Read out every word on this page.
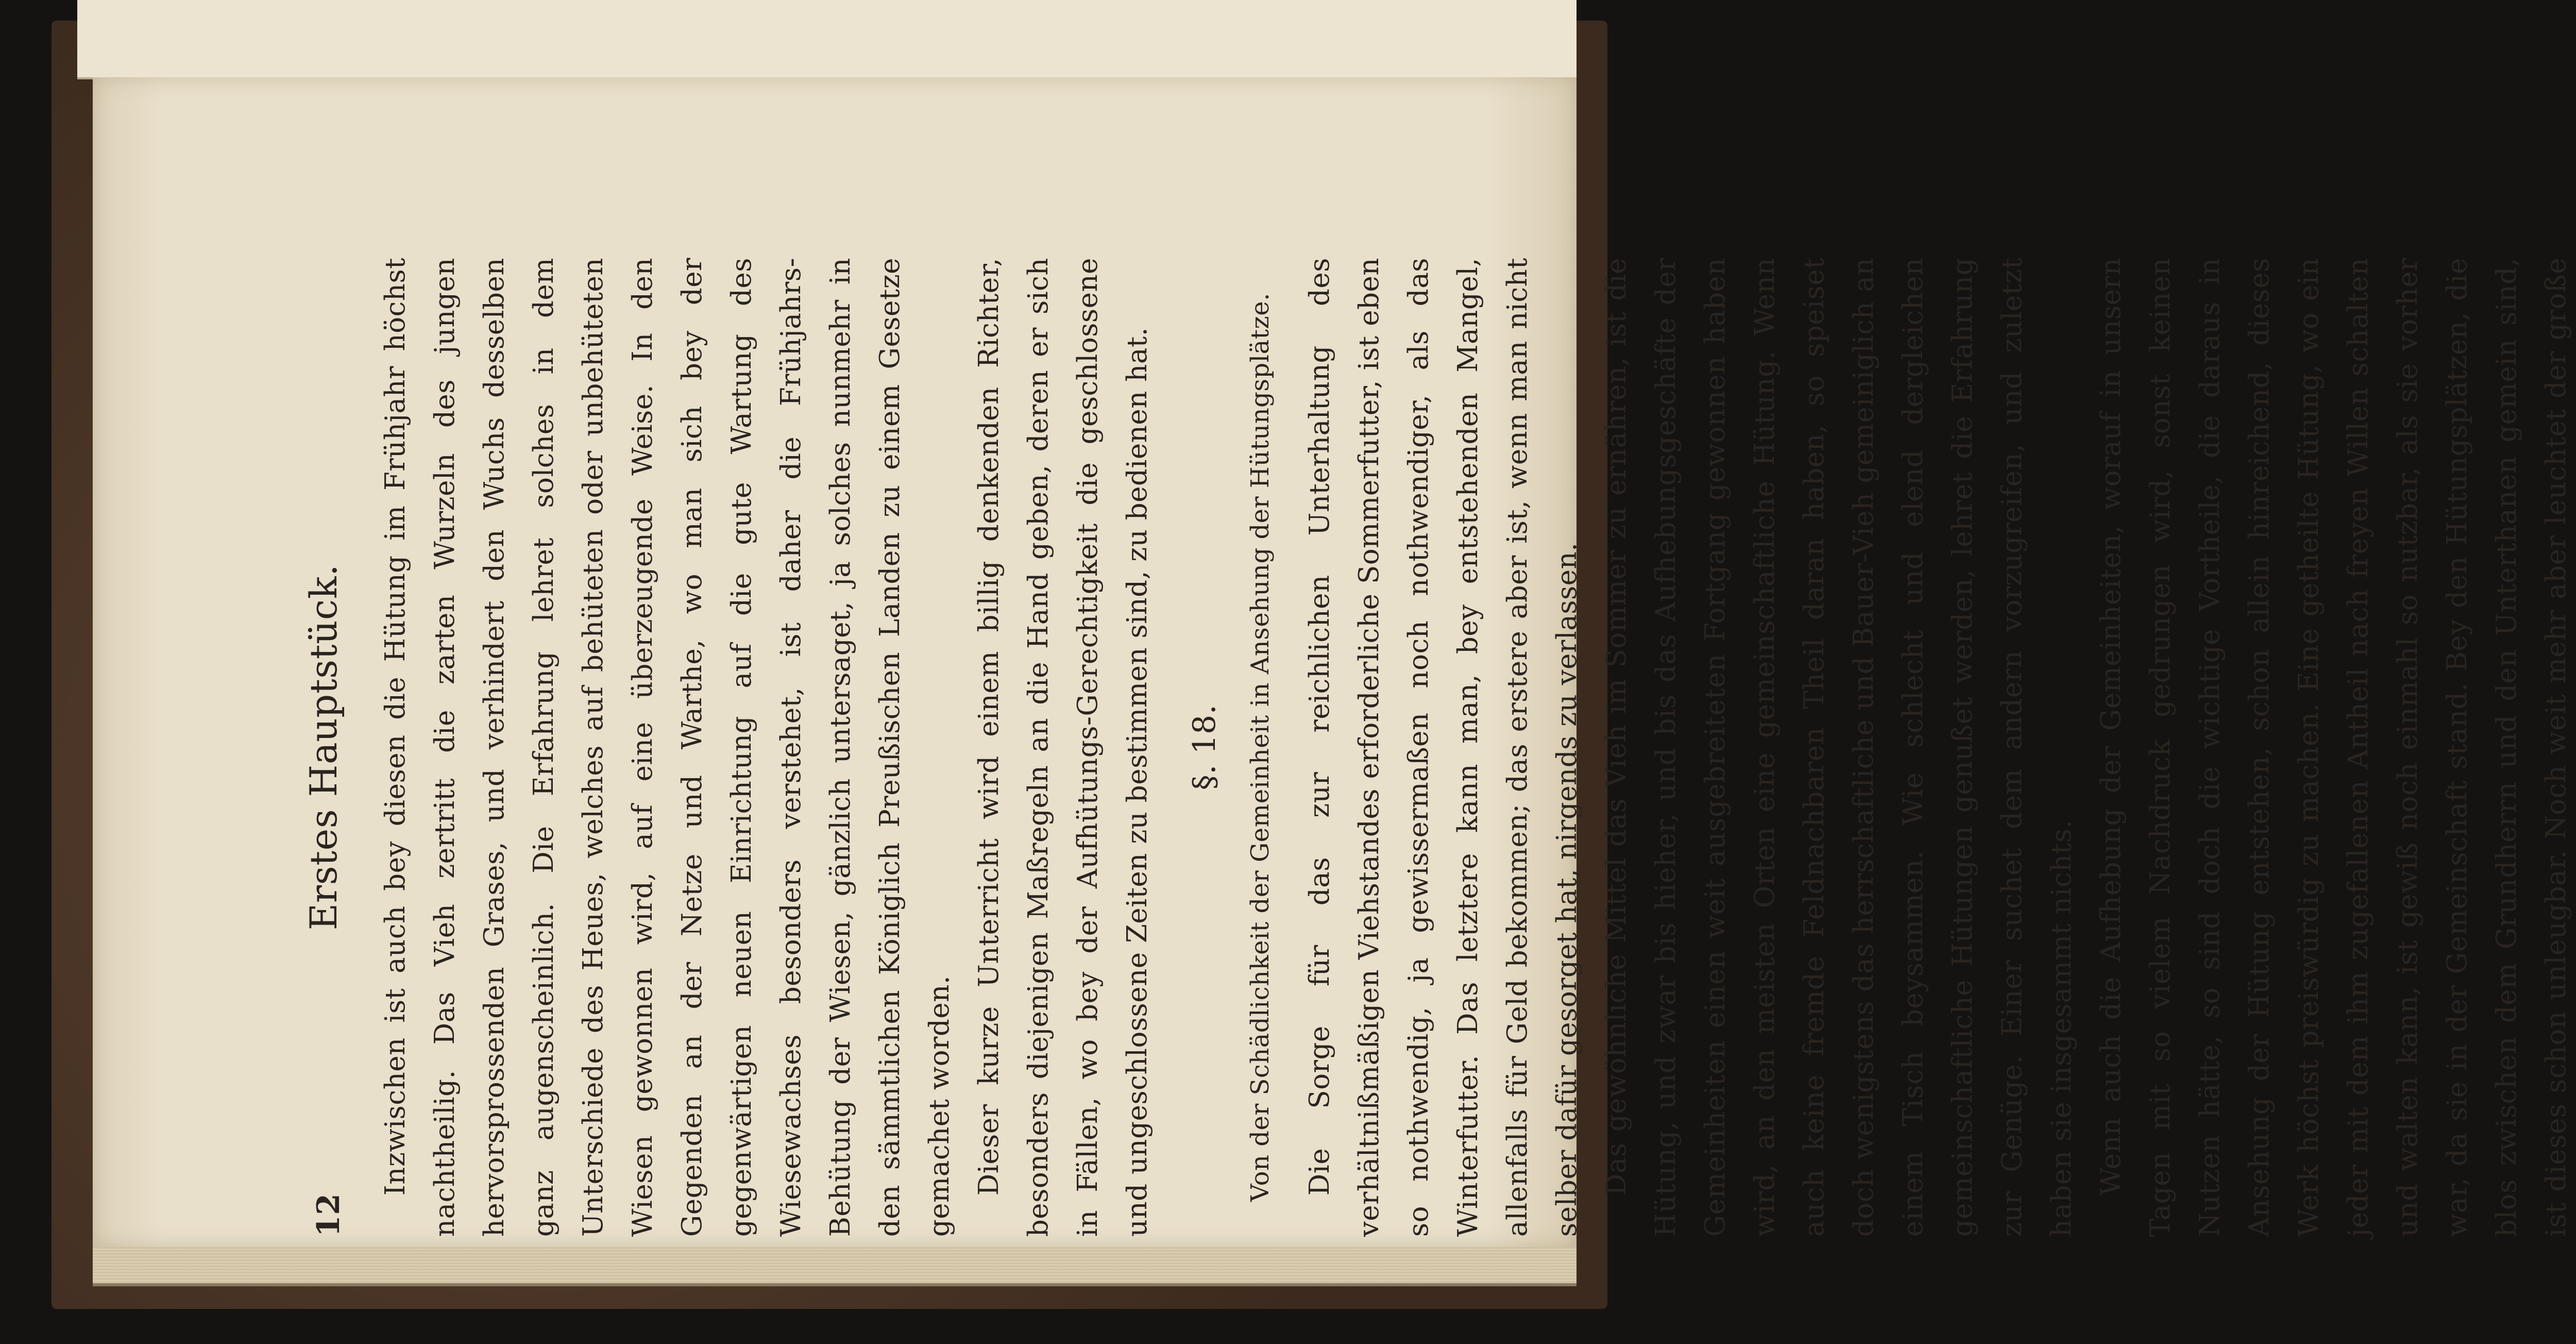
12
Erstes Hauptstück.	Inzwischen ist auch bey diesen die Hütung im Frühjahr höchst nachtheilig. Das Vieh zertritt die zarten Wurzeln des jungen hervorsprossenden Grases, und verhindert den Wuchs desselben ganz augenscheinlich. Die Erfahrung lehret solches in dem Unterschiede des Heues, welches auf behüteten oder unbehüteten Wiesen gewonnen wird, auf eine überzeugende Weise. In den Gegenden an der Netze und Warthe, wo man sich bey der gegenwärtigen neuen Einrichtung auf die gute Wartung des Wiesewachses besonders verstehet, ist daher die Frühjahrs-Behütung der Wiesen, gänzlich untersaget, ja solches nunmehr in den sämmtlichen Königlich Preußischen Landen zu einem Gesetze gemachet worden. Dieser kurze Unterricht wird einem billig denkenden Richter, besonders diejenigen Maßregeln an die Hand geben, deren er sich in Fällen, wo bey der Aufhütungs-Gerechtigkeit die geschlossene und ungeschlossene Zeiten zu bestimmen sind, zu bedienen hat.	§. 18. Von der Schädlichkeit der Gemeinheit in Ansehung der Hütungsplätze.	Die Sorge für das zur reichlichen Unterhaltung des verhältnißmäßigen Viehstandes erforderliche Sommerfutter, ist eben so nothwendig, ja gewissermaßen noch nothwendiger, als das Winterfutter. Das letztere kann man, bey entstehenden Mangel, allenfalls für Geld bekommen; das erstere aber ist, wenn man nicht selber dafür gesorget hat, nirgends zu verlassen. Das gewöhnliche Mittel das Vieh im Sommer zu ernähren, ist die Hütung, und zwar bis hieher, und bis das Aufhebungsgeschäfte der Gemeinheiten einen weit ausgebreiteten Fortgang gewonnen haben wird, an den meisten Orten eine gemeinschaftliche Hütung. Wenn auch keine fremde Feldnachbaren Theil daran haben, so speiset doch wenigstens das herrschaftliche und Bauer-Vieh gemeiniglich an einem Tisch beysammen. Wie schlecht und elend dergleichen gemeinschaftliche Hütungen genußet werden, lehret die Erfahrung zur Genüge. Einer suchet dem andern vorzugreifen, und zuletzt haben sie insgesammt nichts. Wenn auch die Aufhebung der Gemeinheiten, worauf in unsern Tagen mit so vielem Nachdruck gedrungen wird, sonst keinen Nutzen hätte, so sind doch die wichtige Vortheile, die daraus in Ansehung der Hütung entstehen, schon allein hinreichend, dieses Werk höchst preiswürdig zu machen. Eine getheilte Hütung, wo ein jeder mit dem ihm zugefallenen Antheil nach freyen Willen schalten und walten kann, ist gewiß noch einmahl so nutzbar, als sie vorher war, da sie in der Gemeinschaft stand. Bey den Hütungsplätzen, die blos zwischen dem Grundherrn und den Unterthanen gemein sind, ist dieses schon unleugbar. Noch weit mehr aber leuchtet der große
